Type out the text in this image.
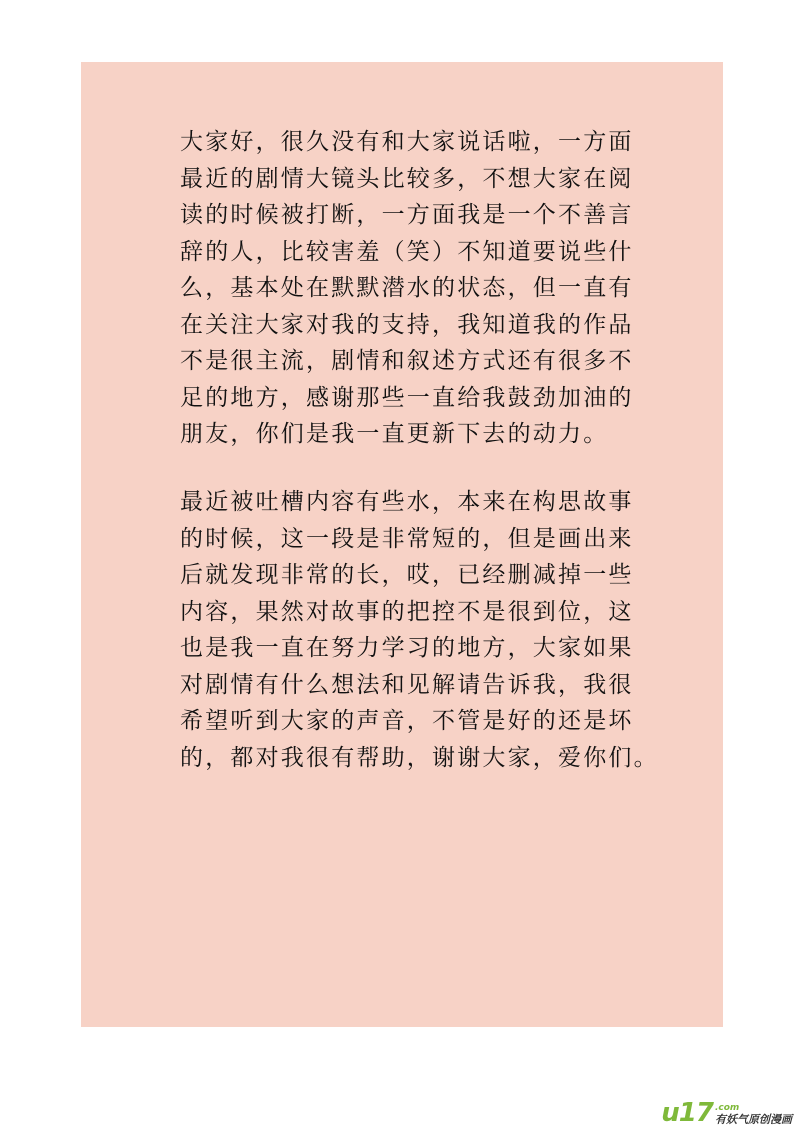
大家好，很久没有和大家说话啦，一方面
最近的剧情大镜头比较多，不想大家在阅
读的时候被打断，一方面我是一个不善言
辞的人，比较害羞（笑）不知道要说些什
么，基本处在默默潜水的状态，但一直有
在关注大家对我的支持，我知道我的作品
不是很主流，剧情和叙述方式还有很多不
足的地方，感谢那些一直给我鼓劲加油的
朋友，你们是我一直更新下去的动力。
最近被吐槽内容有些水，本来在构思故事
的时候，这一段是非常短的，但是画出来
后就发现非常的长，哎，已经删减掉一些
内容，果然对故事的把控不是很到位，这
也是我一直在努力学习的地方，大家如果
对剧情有什么想法和见解请告诉我，我很
希望听到大家的声音，不管是好的还是坏
的，都对我很有帮助，谢谢大家，爱你们。
u17 .com
有妖气原创漫画
